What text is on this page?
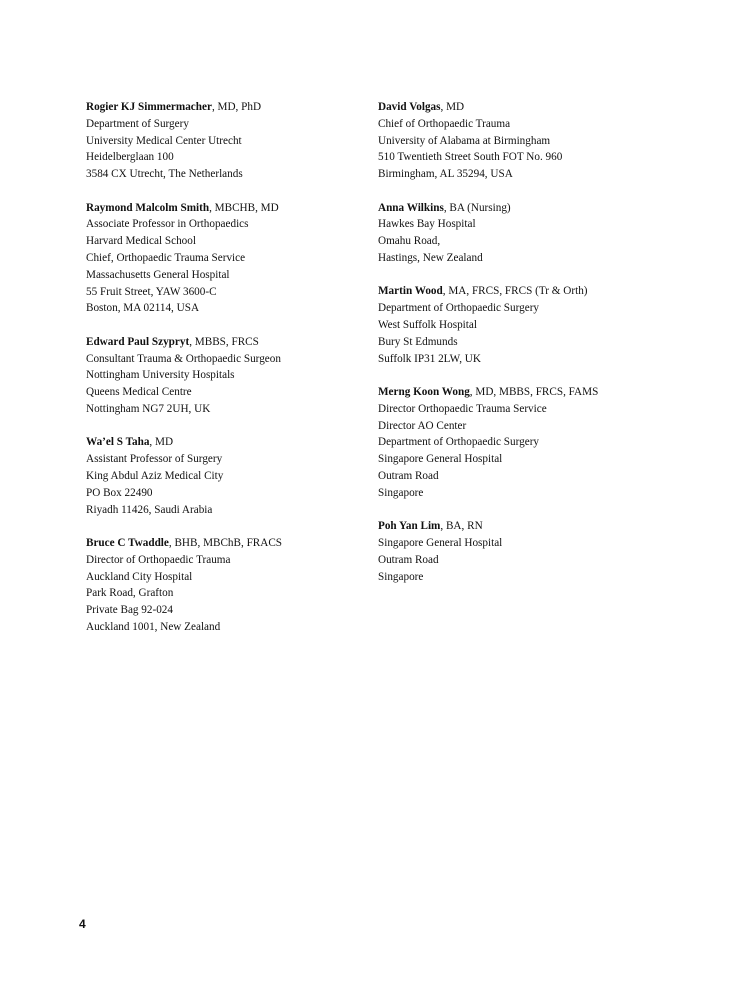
Rogier KJ Simmermacher, MD, PhD
Department of Surgery
University Medical Center Utrecht
Heidelberglaan 100
3584 CX Utrecht, The Netherlands
Raymond Malcolm Smith, MBCHB, MD
Associate Professor in Orthopaedics
Harvard Medical School
Chief, Orthopaedic Trauma Service
Massachusetts General Hospital
55 Fruit Street, YAW 3600-C
Boston, MA 02114, USA
Edward Paul Szypryt, MBBS, FRCS
Consultant Trauma & Orthopaedic Surgeon
Nottingham University Hospitals
Queens Medical Centre
Nottingham NG7 2UH, UK
Wa’el S Taha, MD
Assistant Professor of Surgery
King Abdul Aziz Medical City
PO Box 22490
Riyadh 11426, Saudi Arabia
Bruce C Twaddle, BHB, MBChB, FRACS
Director of Orthopaedic Trauma
Auckland City Hospital
Park Road, Grafton
Private Bag 92-024
Auckland 1001, New Zealand
David Volgas, MD
Chief of Orthopaedic Trauma
University of Alabama at Birmingham
510 Twentieth Street South FOT No. 960
Birmingham, AL 35294, USA
Anna Wilkins, BA (Nursing)
Hawkes Bay Hospital
Omahu Road,
Hastings, New Zealand
Martin Wood, MA, FRCS, FRCS (Tr & Orth)
Department of Orthopaedic Surgery
West Suffolk Hospital
Bury St Edmunds
Suffolk IP31 2LW, UK
Merng Koon Wong, MD, MBBS, FRCS, FAMS
Director Orthopaedic Trauma Service
Director AO Center
Department of Orthopaedic Surgery
Singapore General Hospital
Outram Road
Singapore
Poh Yan Lim, BA, RN
Singapore General Hospital
Outram Road
Singapore
4
